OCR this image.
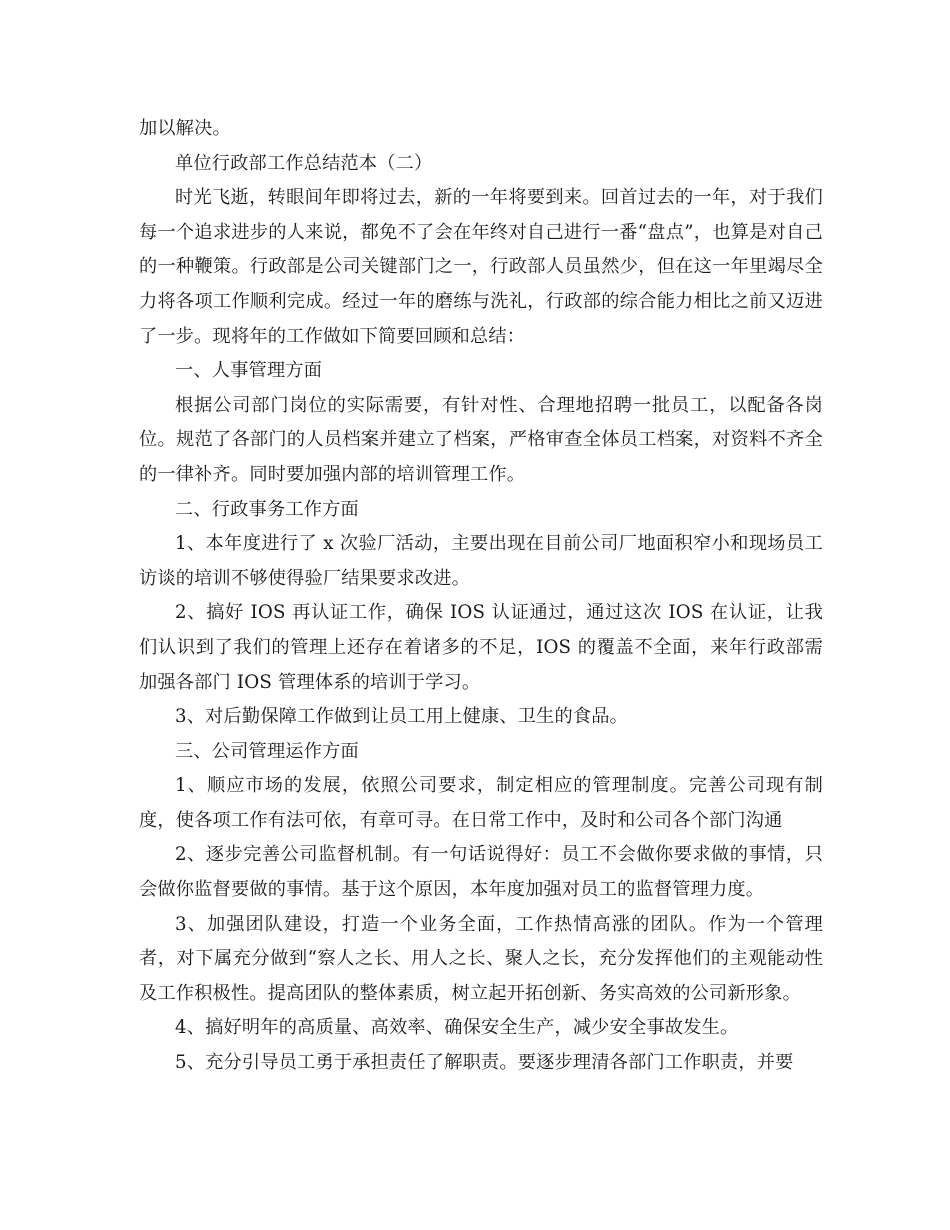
加以解决。

单位行政部工作总结范本（二）

时光飞逝，转眼间年即将过去，新的一年将要到来。回首过去的一年，对于我们每一个追求进步的人来说，都免不了会在年终对自己进行一番“盘点”，也算是对自己的一种鞭策。行政部是公司关键部门之一，行政部人员虽然少，但在这一年里竭尽全力将各项工作顺利完成。经过一年的磨练与洗礼，行政部的综合能力相比之前又迈进了一步。现将年的工作做如下简要回顾和总结：

一、人事管理方面

根据公司部门岗位的实际需要，有针对性、合理地招聘一批员工，以配备各岗位。规范了各部门的人员档案并建立了档案，严格审查全体员工档案，对资料不齐全的一律补齐。同时要加强内部的培训管理工作。

二、行政事务工作方面

1、本年度进行了 x 次验厂活动，主要出现在目前公司厂地面积窄小和现场员工访谈的培训不够使得验厂结果要求改进。

2、搞好 IOS 再认证工作，确保 IOS 认证通过，通过这次 IOS 在认证，让我们认识到了我们的管理上还存在着诸多的不足，IOS 的覆盖不全面，来年行政部需加强各部门 IOS 管理体系的培训于学习。

3、对后勤保障工作做到让员工用上健康、卫生的食品。

三、公司管理运作方面

1、顺应市场的发展，依照公司要求，制定相应的管理制度。完善公司现有制度，使各项工作有法可依，有章可寻。在日常工作中，及时和公司各个部门沟通

2、逐步完善公司监督机制。有一句话说得好：员工不会做你要求做的事情，只会做你监督要做的事情。基于这个原因，本年度加强对员工的监督管理力度。

3、加强团队建设，打造一个业务全面，工作热情高涨的团队。作为一个管理者，对下属充分做到“察人之长、用人之长、聚人之长，充分发挥他们的主观能动性及工作积极性。提高团队的整体素质，树立起开拓创新、务实高效的公司新形象。

4、搞好明年的高质量、高效率、确保安全生产，减少安全事故发生。

5、充分引导员工勇于承担责任了解职责。要逐步理清各部门工作职责，并要
